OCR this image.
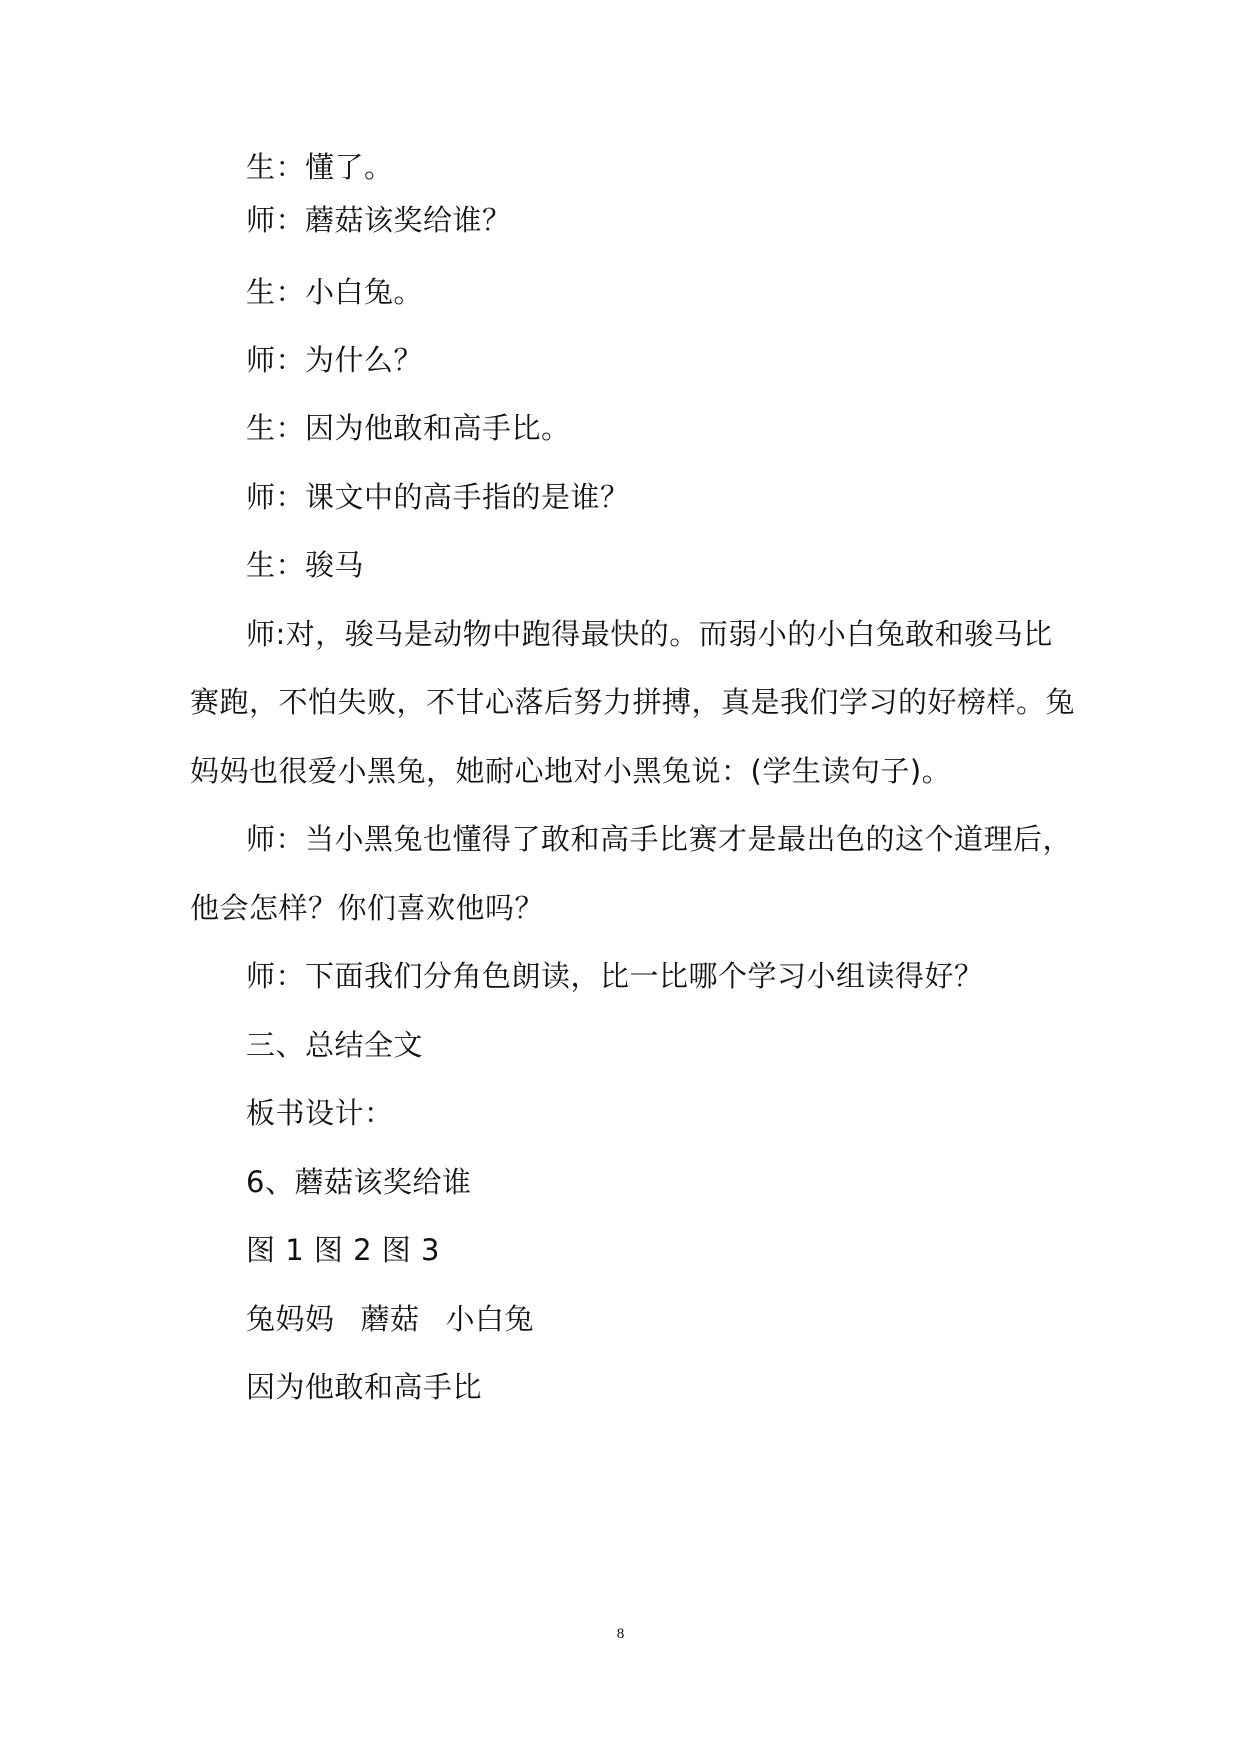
生：懂了。
师：蘑菇该奖给谁？
生：小白兔。
师：为什么？
生：因为他敢和高手比。
师：课文中的高手指的是谁？
生：骏马
师:对，骏马是动物中跑得最快的。而弱小的小白兔敢和骏马比
赛跑，不怕失败，不甘心落后努力拼搏，真是我们学习的好榜样。兔
妈妈也很爱小黑兔，她耐心地对小黑兔说：(学生读句子)。
师：当小黑兔也懂得了敢和高手比赛才是最出色的这个道理后，
他会怎样？你们喜欢他吗？
师：下面我们分角色朗读，比一比哪个学习小组读得好？
三、总结全文
板书设计：
6、蘑菇该奖给谁
图 1 图 2 图 3
兔妈妈 蘑菇 小白兔
因为他敢和高手比
8
